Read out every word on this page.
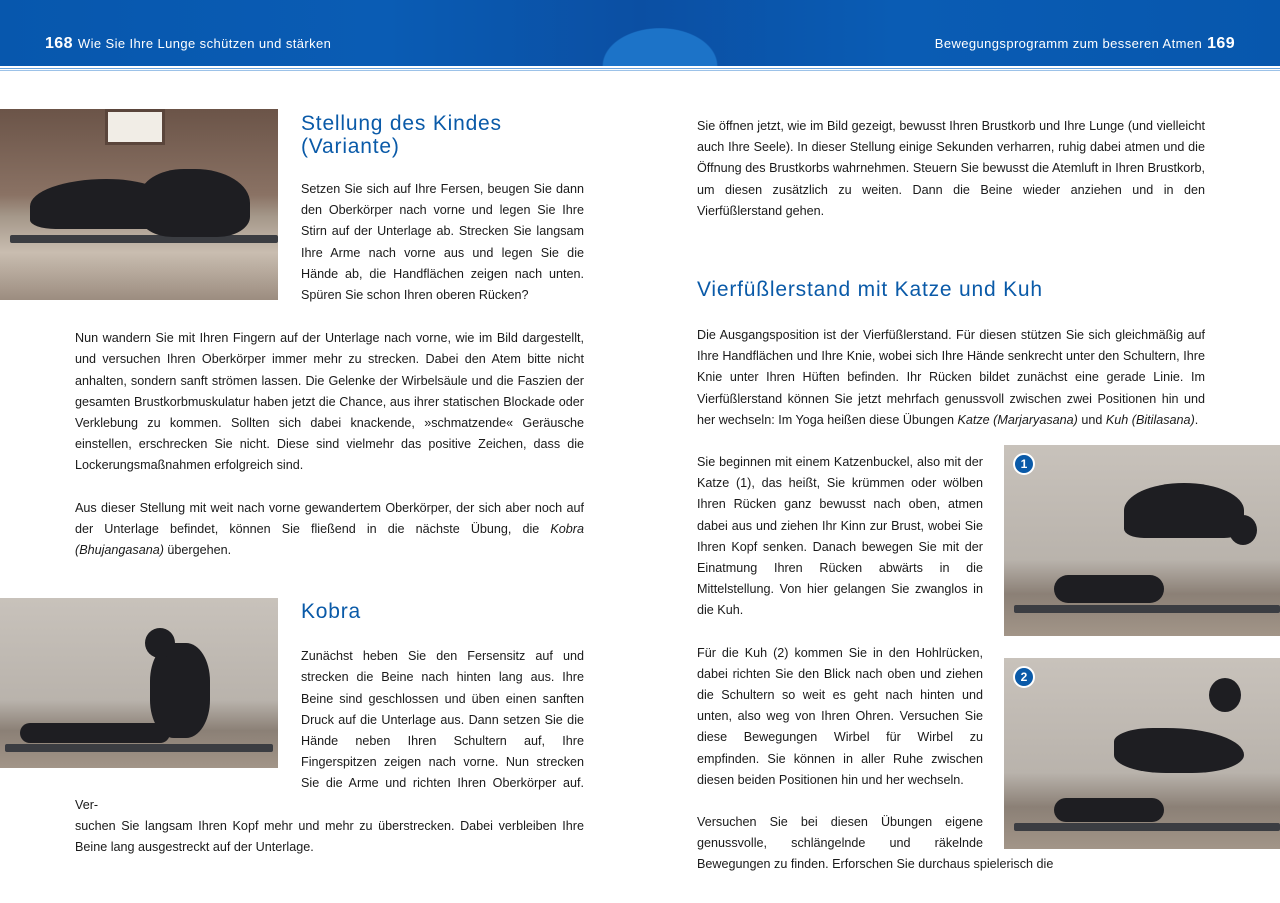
168 Wie Sie Ihre Lunge schützen und stärken	Bewegungsprogramm zum besseren Atmen 169
Stellung des Kindes (Variante)
Setzen Sie sich auf Ihre Fersen, beugen Sie dann den Oberkörper nach vorne und legen Sie Ihre Stirn auf der Unterlage ab. Strecken Sie langsam Ihre Arme nach vorne aus und legen Sie die Hände ab, die Handflächen zeigen nach unten. Spüren Sie schon Ihren oberen Rücken?
Nun wandern Sie mit Ihren Fingern auf der Unterlage nach vorne, wie im Bild dargestellt, und versuchen Ihren Oberkörper immer mehr zu strecken. Dabei den Atem bitte nicht anhalten, sondern sanft strömen lassen. Die Gelenke der Wirbelsäule und die Faszien der gesamten Brustkorbmuskulatur haben jetzt die Chance, aus ihrer statischen Blockade oder Verklebung zu kommen. Sollten sich dabei knackende, »schmatzende« Geräusche einstellen, erschrecken Sie nicht. Diese sind vielmehr das positive Zeichen, dass die Lockerungsmaßnahmen erfolgreich sind.
Aus dieser Stellung mit weit nach vorne gewandertem Oberkörper, der sich aber noch auf der Unterlage befindet, können Sie fließend in die nächste Übung, die Kobra (Bhujangasana) übergehen.
Kobra
Zunächst heben Sie den Fersensitz auf und strecken die Beine nach hinten lang aus. Ihre Beine sind geschlossen und üben einen sanften Druck auf die Unterlage aus. Dann setzen Sie die Hände neben Ihren Schultern auf, Ihre Fingerspitzen zeigen nach vorne. Nun strecken Sie die Arme und richten Ihren Oberkörper auf. Ver-
suchen Sie langsam Ihren Kopf mehr und mehr zu überstrecken. Dabei verbleiben Ihre Beine lang ausgestreckt auf der Unterlage.
Sie öffnen jetzt, wie im Bild gezeigt, bewusst Ihren Brustkorb und Ihre Lunge (und vielleicht auch Ihre Seele). In dieser Stellung einige Sekunden verharren, ruhig dabei atmen und die Öffnung des Brustkorbs wahrnehmen. Steuern Sie bewusst die Atemluft in Ihren Brustkorb, um diesen zusätzlich zu weiten. Dann die Beine wieder anziehen und in den Vierfüßlerstand gehen.
Vierfüßlerstand mit Katze und Kuh
Die Ausgangsposition ist der Vierfüßlerstand. Für diesen stützen Sie sich gleichmäßig auf Ihre Handflächen und Ihre Knie, wobei sich Ihre Hände senkrecht unter den Schultern, Ihre Knie unter Ihren Hüften befinden. Ihr Rücken bildet zunächst eine gerade Linie. Im Vierfüßlerstand können Sie jetzt mehrfach genussvoll zwischen zwei Positionen hin und her wechseln: Im Yoga heißen diese Übungen Katze (Marjaryasana) und Kuh (Bitilasana).
1
2
Sie beginnen mit einem Katzenbuckel, also mit der Katze (1), das heißt, Sie krümmen oder wölben Ihren Rücken ganz bewusst nach oben, atmen dabei aus und ziehen Ihr Kinn zur Brust, wobei Sie Ihren Kopf senken. Danach bewegen Sie mit der Einatmung Ihren Rücken abwärts in die Mittelstellung. Von hier gelangen Sie zwanglos in die Kuh.
Für die Kuh (2) kommen Sie in den Hohlrücken, dabei richten Sie den Blick nach oben und ziehen die Schultern so weit es geht nach hinten und unten, also weg von Ihren Ohren. Versuchen Sie diese Bewegungen Wirbel für Wirbel zu empfinden. Sie können in aller Ruhe zwischen diesen beiden Positionen hin und her wechseln.
Versuchen Sie bei diesen Übungen eigene genussvolle, schlängelnde und räkelnde Bewegungen zu finden. Erforschen Sie durchaus spielerisch die
